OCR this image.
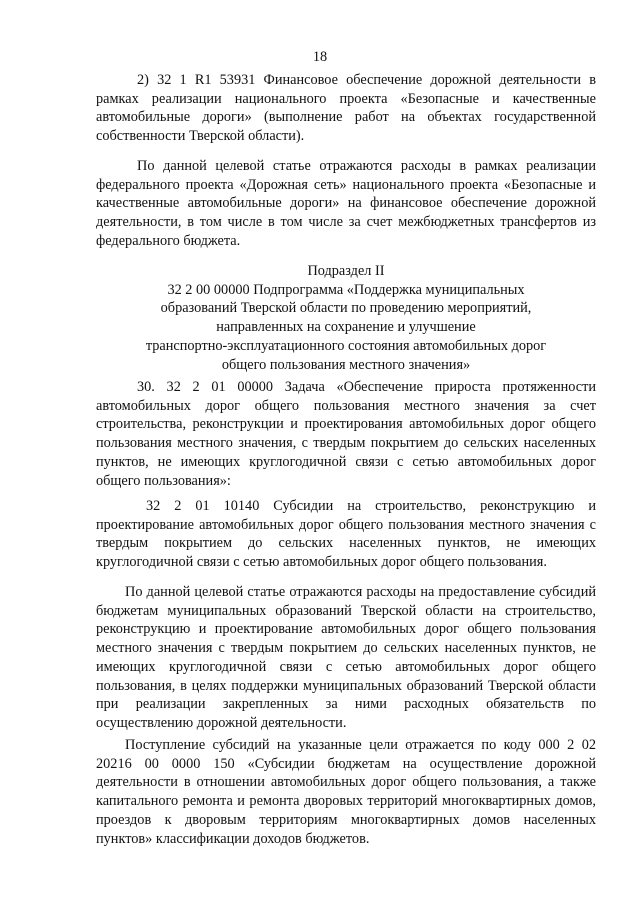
18

2) 32 1 R1 53931 Финансовое обеспечение дорожной деятельности в рамках реализации национального проекта «Безопасные и качественные автомобильные дороги» (выполнение работ на объектах государственной собственности Тверской области).

По данной целевой статье отражаются расходы в рамках реализации федерального проекта «Дорожная сеть» национального проекта «Безопасные и качественные автомобильные дороги» на финансовое обеспечение дорожной деятельности, в том числе в том числе за счет межбюджетных трансфертов из федерального бюджета.

Подраздел II
32 2 00 00000 Подпрограмма «Поддержка муниципальных
образований Тверской области по проведению мероприятий,
направленных на сохранение и улучшение
транспортно-эксплуатационного состояния автомобильных дорог
общего пользования местного значения»

30. 32 2 01 00000 Задача «Обеспечение прироста протяженности автомобильных дорог общего пользования местного значения за счет строительства, реконструкции и проектирования автомобильных дорог общего пользования местного значения, с твердым покрытием до сельских населенных пунктов, не имеющих круглогодичной связи с сетью автомобильных дорог общего пользования»:

32 2 01 10140 Субсидии на строительство, реконструкцию и проектирование автомобильных дорог общего пользования местного значения с твердым покрытием до сельских населенных пунктов, не имеющих круглогодичной связи с сетью автомобильных дорог общего пользования.

По данной целевой статье отражаются расходы на предоставление субсидий бюджетам муниципальных образований Тверской области на строительство, реконструкцию и проектирование автомобильных дорог общего пользования местного значения с твердым покрытием до сельских населенных пунктов, не имеющих круглогодичной связи с сетью автомобильных дорог общего пользования, в целях поддержки муниципальных образований Тверской области при реализации закрепленных за ними расходных обязательств по осуществлению дорожной деятельности.

Поступление субсидий на указанные цели отражается по коду 000 2 02 20216 00 0000 150 «Субсидии бюджетам на осуществление дорожной деятельности в отношении автомобильных дорог общего пользования, а также капитального ремонта и ремонта дворовых территорий многоквартирных домов, проездов к дворовым территориям многоквартирных домов населенных пунктов» классификации доходов бюджетов.
